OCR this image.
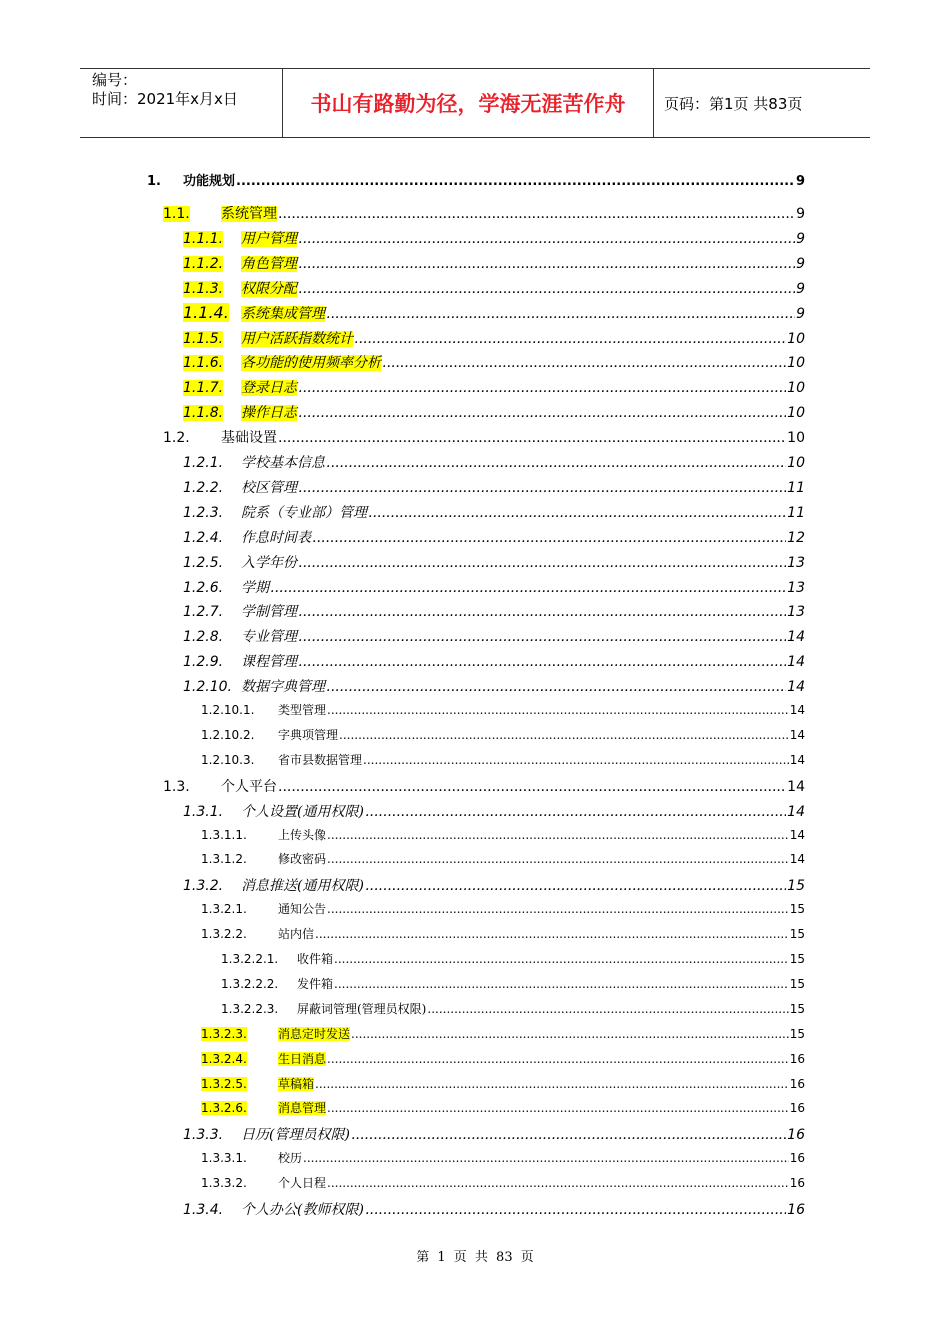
编号：
时间：2021年x月x日	书山有路勤为径，学海无涯苦作舟	页码：第1页 共83页
1.	功能规划 .....	9
1.1.	系统管理 .....	9
1.1.1.	用户管理 .....	9
1.1.2.	角色管理 .....	9
1.1.3.	权限分配 .....	9
1.1.4. 系统集成管理 .....	9
1.1.5.	用户活跃指数统计 .....	10
1.1.6.	各功能的使用频率分析 .....	10
1.1.7.	登录日志 .....	10
1.1.8.	操作日志 .....	10
1.2.	基础设置 .....	10
1.2.1.	学校基本信息 .....	10
1.2.2.	校区管理 .....	11
1.2.3.	院系（专业部）管理 .....	11
1.2.4.	作息时间表 .....	12
1.2.5.	入学年份 .....	13
1.2.6.	学期 .....	13
1.2.7.	学制管理 .....	13
1.2.8.	专业管理 .....	14
1.2.9.	课程管理 .....	14
1.2.10. 数据字典管理 .....	14
1.2.10.1.	类型管理 .....	14
1.2.10.2.	字典项管理 .....	14
1.2.10.3.	省市县数据管理 .....	14
1.3.	个人平台 .....	14
1.3.1.	个人设置(通用权限) .....	14
1.3.1.1.	上传头像 .....	14
1.3.1.2.	修改密码 .....	14
1.3.2.	消息推送(通用权限) .....	15
1.3.2.1.	通知公告 .....	15
1.3.2.2.	站内信 .....	15
1.3.2.2.1.	收件箱 .....	15
1.3.2.2.2.	发件箱 .....	15
1.3.2.2.3.	屏蔽词管理(管理员权限) .....	15
1.3.2.3.	消息定时发送 .....	15
1.3.2.4.	生日消息 .....	16
1.3.2.5.	草稿箱 .....	16
1.3.2.6.	消息管理 .....	16
1.3.3.	日历(管理员权限) .....	16
1.3.3.1.	校历 .....	16
1.3.3.2.	个人日程 .....	16
1.3.4.	个人办公(教师权限) .....	16
第 1 页 共 83 页
